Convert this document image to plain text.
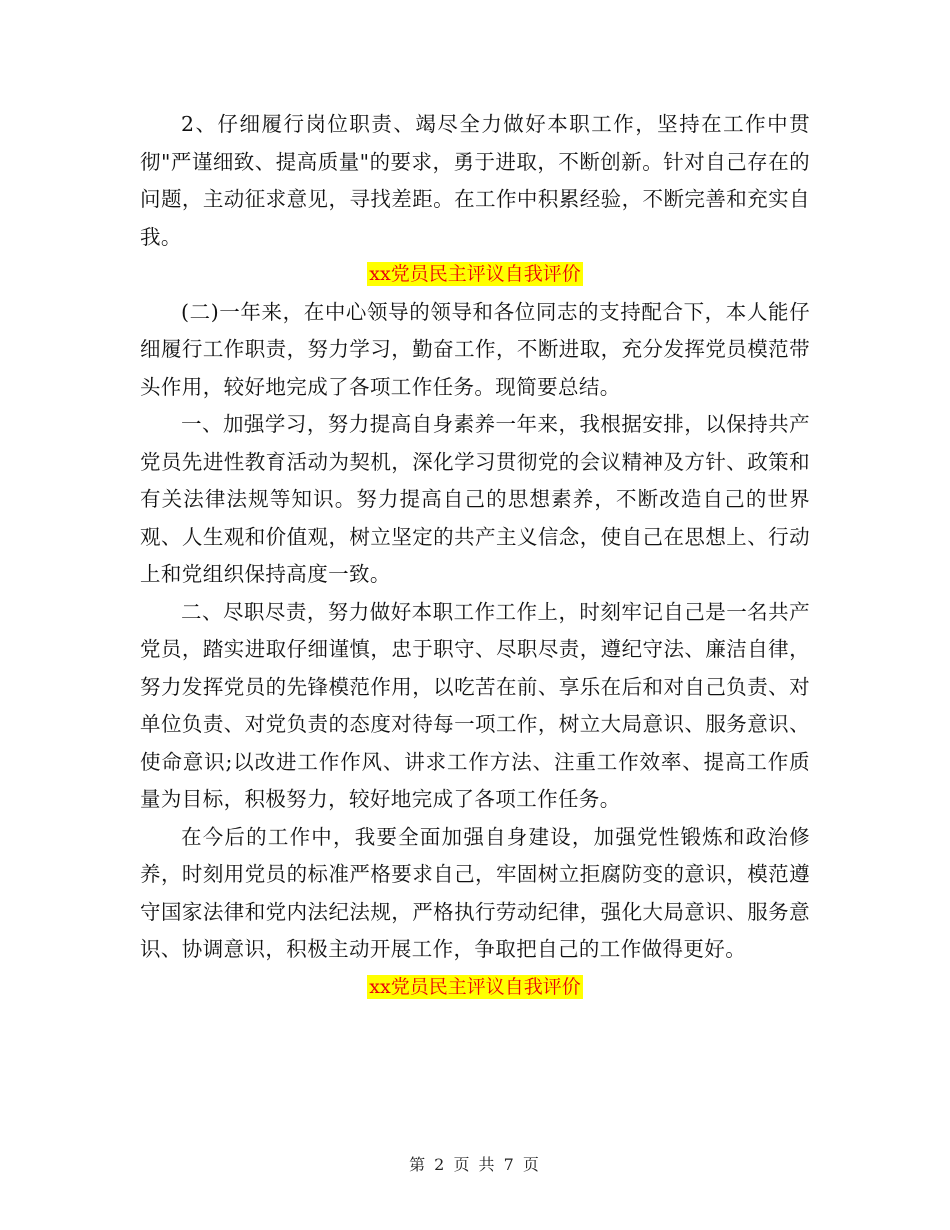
2、仔细履行岗位职责、竭尽全力做好本职工作，坚持在工作中贯彻"严谨细致、提高质量"的要求，勇于进取，不断创新。针对自己存在的问题，主动征求意见，寻找差距。在工作中积累经验，不断完善和充实自我。

xx党员民主评议自我评价

(二)一年来，在中心领导的领导和各位同志的支持配合下，本人能仔细履行工作职责，努力学习，勤奋工作，不断进取，充分发挥党员模范带头作用，较好地完成了各项工作任务。现简要总结。

一、加强学习，努力提高自身素养一年来，我根据安排，以保持共产党员先进性教育活动为契机，深化学习贯彻党的会议精神及方针、政策和有关法律法规等知识。努力提高自己的思想素养，不断改造自己的世界观、人生观和价值观，树立坚定的共产主义信念，使自己在思想上、行动上和党组织保持高度一致。

二、尽职尽责，努力做好本职工作工作上，时刻牢记自己是一名共产党员，踏实进取仔细谨慎，忠于职守、尽职尽责，遵纪守法、廉洁自律，努力发挥党员的先锋模范作用，以吃苦在前、享乐在后和对自己负责、对单位负责、对党负责的态度对待每一项工作，树立大局意识、服务意识、使命意识;以改进工作作风、讲求工作方法、注重工作效率、提高工作质量为目标，积极努力，较好地完成了各项工作任务。

在今后的工作中，我要全面加强自身建设，加强党性锻炼和政治修养，时刻用党员的标准严格要求自己，牢固树立拒腐防变的意识，模范遵守国家法律和党内法纪法规，严格执行劳动纪律，强化大局意识、服务意识、协调意识，积极主动开展工作，争取把自己的工作做得更好。

xx党员民主评议自我评价

第 2 页 共 7 页
